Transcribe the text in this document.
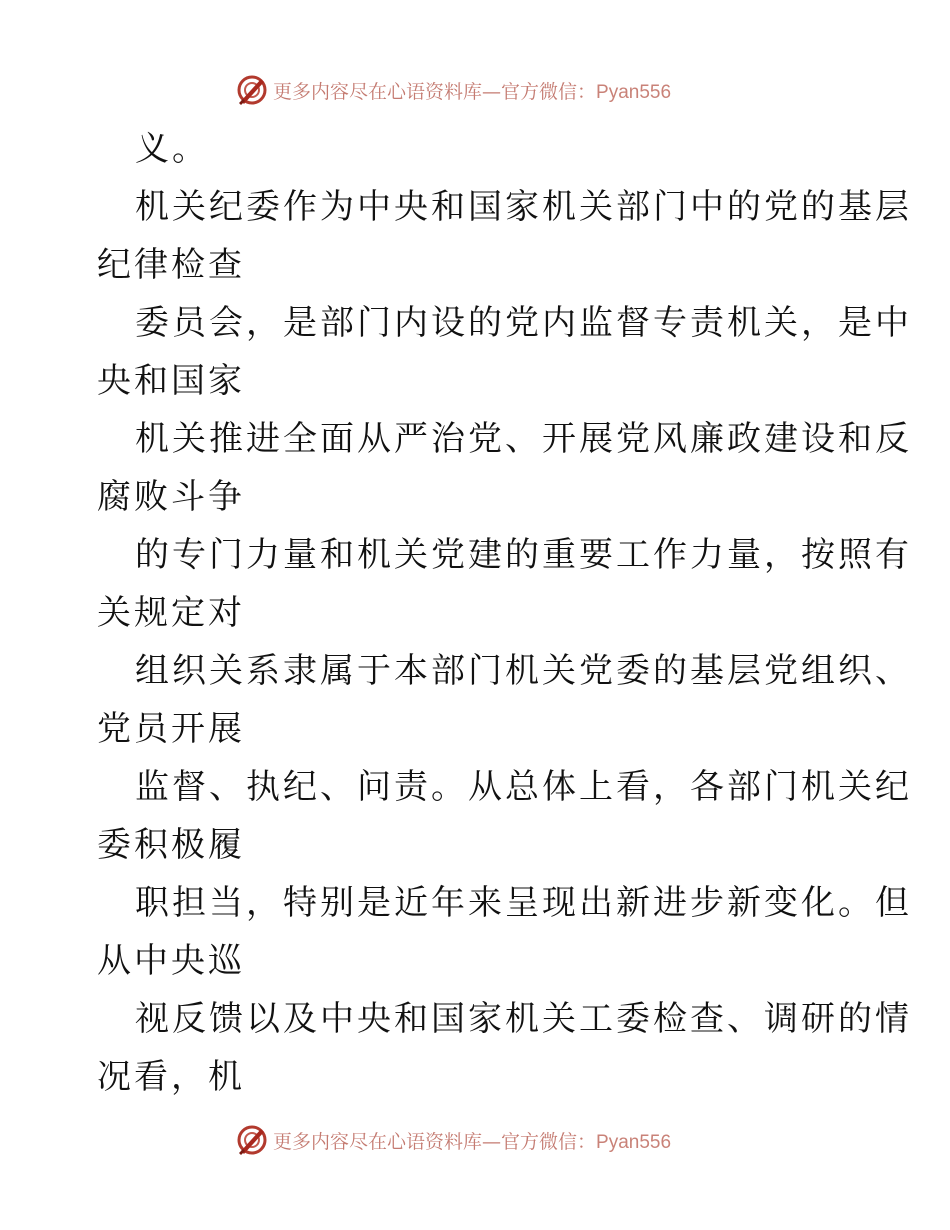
更多内容尽在心语资料库—官方微信：Pyan556
义。
机关纪委作为中央和国家机关部门中的党的基层
纪律检查
委员会，是部门内设的党内监督专责机关，是中
央和国家
机关推进全面从严治党、开展党风廉政建设和反
腐败斗争
的专门力量和机关党建的重要工作力量，按照有
关规定对
组织关系隶属于本部门机关党委的基层党组织、
党员开展
监督、执纪、问责。从总体上看，各部门机关纪
委积极履
职担当，特别是近年来呈现出新进步新变化。但
从中央巡
视反馈以及中央和国家机关工委检查、调研的情
况看，机
更多内容尽在心语资料库—官方微信：Pyan556
